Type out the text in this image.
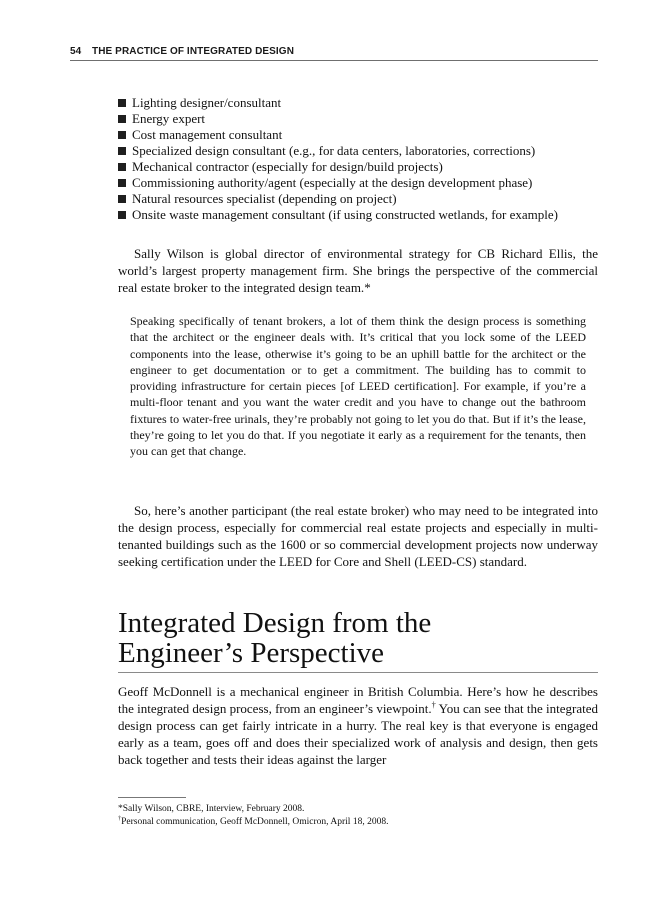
54 THE PRACTICE OF INTEGRATED DESIGN
Lighting designer/consultant
Energy expert
Cost management consultant
Specialized design consultant (e.g., for data centers, laboratories, corrections)
Mechanical contractor (especially for design/build projects)
Commissioning authority/agent (especially at the design development phase)
Natural resources specialist (depending on project)
Onsite waste management consultant (if using constructed wetlands, for example)

Sally Wilson is global director of environmental strategy for CB Richard Ellis, the world’s largest property management firm. She brings the perspective of the commercial real estate broker to the integrated design team.*

Speaking specifically of tenant brokers, a lot of them think the design process is something that the architect or the engineer deals with. It’s critical that you lock some of the LEED components into the lease, otherwise it’s going to be an uphill battle for the architect or the engineer to get documentation or to get a commitment. The building has to commit to providing infrastructure for certain pieces [of LEED certification]. For example, if you’re a multi-floor tenant and you want the water credit and you have to change out the bathroom fixtures to water-free urinals, they’re probably not going to let you do that. But if it’s the lease, they’re going to let you do that. If you negotiate it early as a requirement for the tenants, then you can get that change.

So, here’s another participant (the real estate broker) who may need to be integrated into the design process, especially for commercial real estate projects and especially in multi-tenanted buildings such as the 1600 or so commercial development projects now underway seeking certification under the LEED for Core and Shell (LEED-CS) standard.

Integrated Design from the
Engineer’s Perspective

Geoff McDonnell is a mechanical engineer in British Columbia. Here’s how he describes the integrated design process, from an engineer’s viewpoint.† You can see that the integrated design process can get fairly intricate in a hurry. The real key is that everyone is engaged early as a team, goes off and does their specialized work of analysis and design, then gets back together and tests their ideas against the larger

*Sally Wilson, CBRE, Interview, February 2008.
†Personal communication, Geoff McDonnell, Omicron, April 18, 2008.
